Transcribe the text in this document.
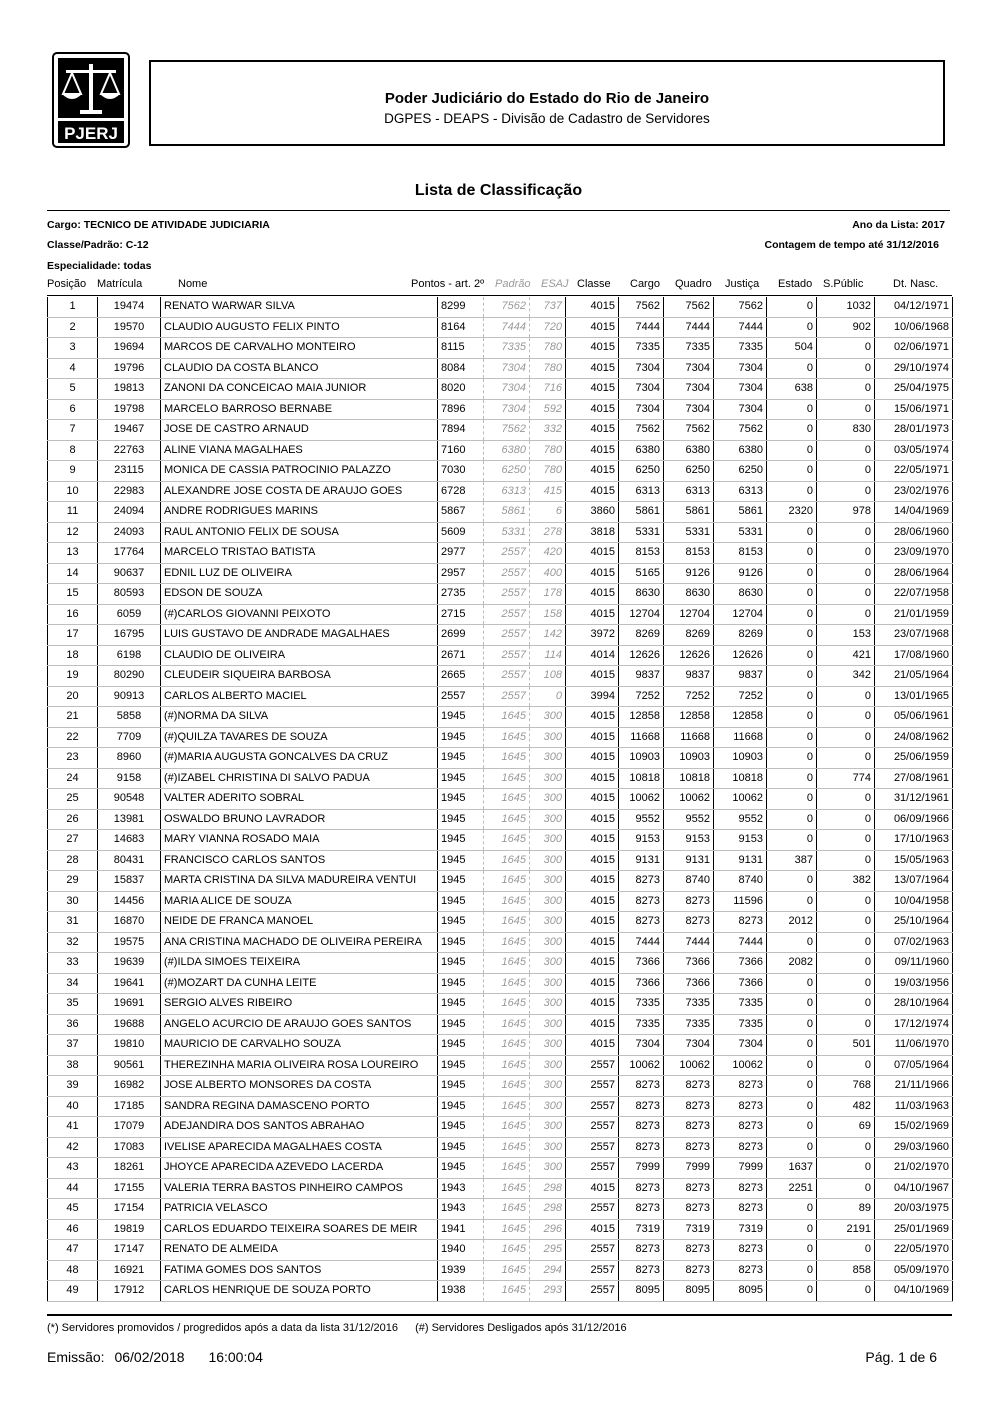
PJERJ
Poder Judiciário do Estado do Rio de Janeiro
DGPES - DEAPS - Divisão de Cadastro de Servidores
Lista de Classificação
Cargo: TECNICO DE ATIVIDADE JUDICIARIA	Ano da Lista: 2017
Classe/Padrão: C-12	Contagem de tempo até 31/12/2016
Especialidade: todas
Posição Matrícula	Nome	Pontos - art. 2º Padrão ESAJ Classe Cargo Quadro Justiça Estado S.Públic	Dt. Nasc.
1	19474	RENATO WARWAR SILVA	8299	7562	737	4015	7562	7562	7562	0	1032	04/12/1971
2	19570	CLAUDIO AUGUSTO FELIX PINTO	8164	7444	720	4015	7444	7444	7444	0	902	10/06/1968
3	19694	MARCOS DE CARVALHO MONTEIRO	8115	7335	780	4015	7335	7335	7335	504	0	02/06/1971
4	19796	CLAUDIO DA COSTA BLANCO	8084	7304	780	4015	7304	7304	7304	0	0	29/10/1974
5	19813	ZANONI DA CONCEICAO MAIA JUNIOR	8020	7304	716	4015	7304	7304	7304	638	0	25/04/1975
6	19798	MARCELO BARROSO BERNABE	7896	7304	592	4015	7304	7304	7304	0	0	15/06/1971
7	19467	JOSE DE CASTRO ARNAUD	7894	7562	332	4015	7562	7562	7562	0	830	28/01/1973
8	22763	ALINE VIANA MAGALHAES	7160	6380	780	4015	6380	6380	6380	0	0	03/05/1974
9	23115	MONICA DE CASSIA PATROCINIO PALAZZO	7030	6250	780	4015	6250	6250	6250	0	0	22/05/1971
10	22983	ALEXANDRE JOSE COSTA DE ARAUJO GOES	6728	6313	415	4015	6313	6313	6313	0	0	23/02/1976
11	24094	ANDRE RODRIGUES MARINS	5867	5861	6	3860	5861	5861	5861	2320	978	14/04/1969
12	24093	RAUL ANTONIO FELIX DE SOUSA	5609	5331	278	3818	5331	5331	5331	0	0	28/06/1960
13	17764	MARCELO TRISTAO BATISTA	2977	2557	420	4015	8153	8153	8153	0	0	23/09/1970
14	90637	EDNIL LUZ DE OLIVEIRA	2957	2557	400	4015	5165	9126	9126	0	0	28/06/1964
15	80593	EDSON DE SOUZA	2735	2557	178	4015	8630	8630	8630	0	0	22/07/1958
16	6059	(#)CARLOS GIOVANNI PEIXOTO	2715	2557	158	4015	12704	12704	12704	0	0	21/01/1959
17	16795	LUIS GUSTAVO DE ANDRADE MAGALHAES	2699	2557	142	3972	8269	8269	8269	0	153	23/07/1968
18	6198	CLAUDIO DE OLIVEIRA	2671	2557	114	4014	12626	12626	12626	0	421	17/08/1960
19	80290	CLEUDEIR SIQUEIRA BARBOSA	2665	2557	108	4015	9837	9837	9837	0	342	21/05/1964
20	90913	CARLOS ALBERTO MACIEL	2557	2557	0	3994	7252	7252	7252	0	0	13/01/1965
21	5858	(#)NORMA DA SILVA	1945	1645	300	4015	12858	12858	12858	0	0	05/06/1961
22	7709	(#)QUILZA TAVARES DE SOUZA	1945	1645	300	4015	11668	11668	11668	0	0	24/08/1962
23	8960	(#)MARIA AUGUSTA GONCALVES DA CRUZ	1945	1645	300	4015	10903	10903	10903	0	0	25/06/1959
24	9158	(#)IZABEL CHRISTINA DI SALVO PADUA	1945	1645	300	4015	10818	10818	10818	0	774	27/08/1961
25	90548	VALTER ADERITO SOBRAL	1945	1645	300	4015	10062	10062	10062	0	0	31/12/1961
26	13981	OSWALDO BRUNO LAVRADOR	1945	1645	300	4015	9552	9552	9552	0	0	06/09/1966
27	14683	MARY VIANNA ROSADO MAIA	1945	1645	300	4015	9153	9153	9153	0	0	17/10/1963
28	80431	FRANCISCO CARLOS SANTOS	1945	1645	300	4015	9131	9131	9131	387	0	15/05/1963
29	15837	MARTA CRISTINA DA SILVA MADUREIRA VENTUI	1945	1645	300	4015	8273	8740	8740	0	382	13/07/1964
30	14456	MARIA ALICE DE SOUZA	1945	1645	300	4015	8273	8273	11596	0	0	10/04/1958
31	16870	NEIDE DE FRANCA MANOEL	1945	1645	300	4015	8273	8273	8273	2012	0	25/10/1964
32	19575	ANA CRISTINA MACHADO DE OLIVEIRA PEREIRA	1945	1645	300	4015	7444	7444	7444	0	0	07/02/1963
33	19639	(#)ILDA SIMOES TEIXEIRA	1945	1645	300	4015	7366	7366	7366	2082	0	09/11/1960
34	19641	(#)MOZART DA CUNHA LEITE	1945	1645	300	4015	7366	7366	7366	0	0	19/03/1956
35	19691	SERGIO ALVES RIBEIRO	1945	1645	300	4015	7335	7335	7335	0	0	28/10/1964
36	19688	ANGELO ACURCIO DE ARAUJO GOES SANTOS	1945	1645	300	4015	7335	7335	7335	0	0	17/12/1974
37	19810	MAURICIO DE CARVALHO SOUZA	1945	1645	300	4015	7304	7304	7304	0	501	11/06/1970
38	90561	THEREZINHA MARIA OLIVEIRA ROSA LOUREIRO	1945	1645	300	2557	10062	10062	10062	0	0	07/05/1964
39	16982	JOSE ALBERTO MONSORES DA COSTA	1945	1645	300	2557	8273	8273	8273	0	768	21/11/1966
40	17185	SANDRA REGINA DAMASCENO PORTO	1945	1645	300	2557	8273	8273	8273	0	482	11/03/1963
41	17079	ADEJANDIRA DOS SANTOS ABRAHAO	1945	1645	300	2557	8273	8273	8273	0	69	15/02/1969
42	17083	IVELISE APARECIDA MAGALHAES COSTA	1945	1645	300	2557	8273	8273	8273	0	0	29/03/1960
43	18261	JHOYCE APARECIDA AZEVEDO LACERDA	1945	1645	300	2557	7999	7999	7999	1637	0	21/02/1970
44	17155	VALERIA TERRA BASTOS PINHEIRO CAMPOS	1943	1645	298	4015	8273	8273	8273	2251	0	04/10/1967
45	17154	PATRICIA VELASCO	1943	1645	298	2557	8273	8273	8273	0	89	20/03/1975
46	19819	CARLOS EDUARDO TEIXEIRA SOARES DE MEIR	1941	1645	296	4015	7319	7319	7319	0	2191	25/01/1969
47	17147	RENATO DE ALMEIDA	1940	1645	295	2557	8273	8273	8273	0	0	22/05/1970
48	16921	FATIMA GOMES DOS SANTOS	1939	1645	294	2557	8273	8273	8273	0	858	05/09/1970
49	17912	CARLOS HENRIQUE DE SOUZA PORTO	1938	1645	293	2557	8095	8095	8095	0	0	04/10/1969
(*) Servidores promovidos / progredidos após a data da lista 31/12/2016 (#) Servidores Desligados após 31/12/2016
Emissão: 06/02/2018 16:00:04	Pág. 1 de 6
